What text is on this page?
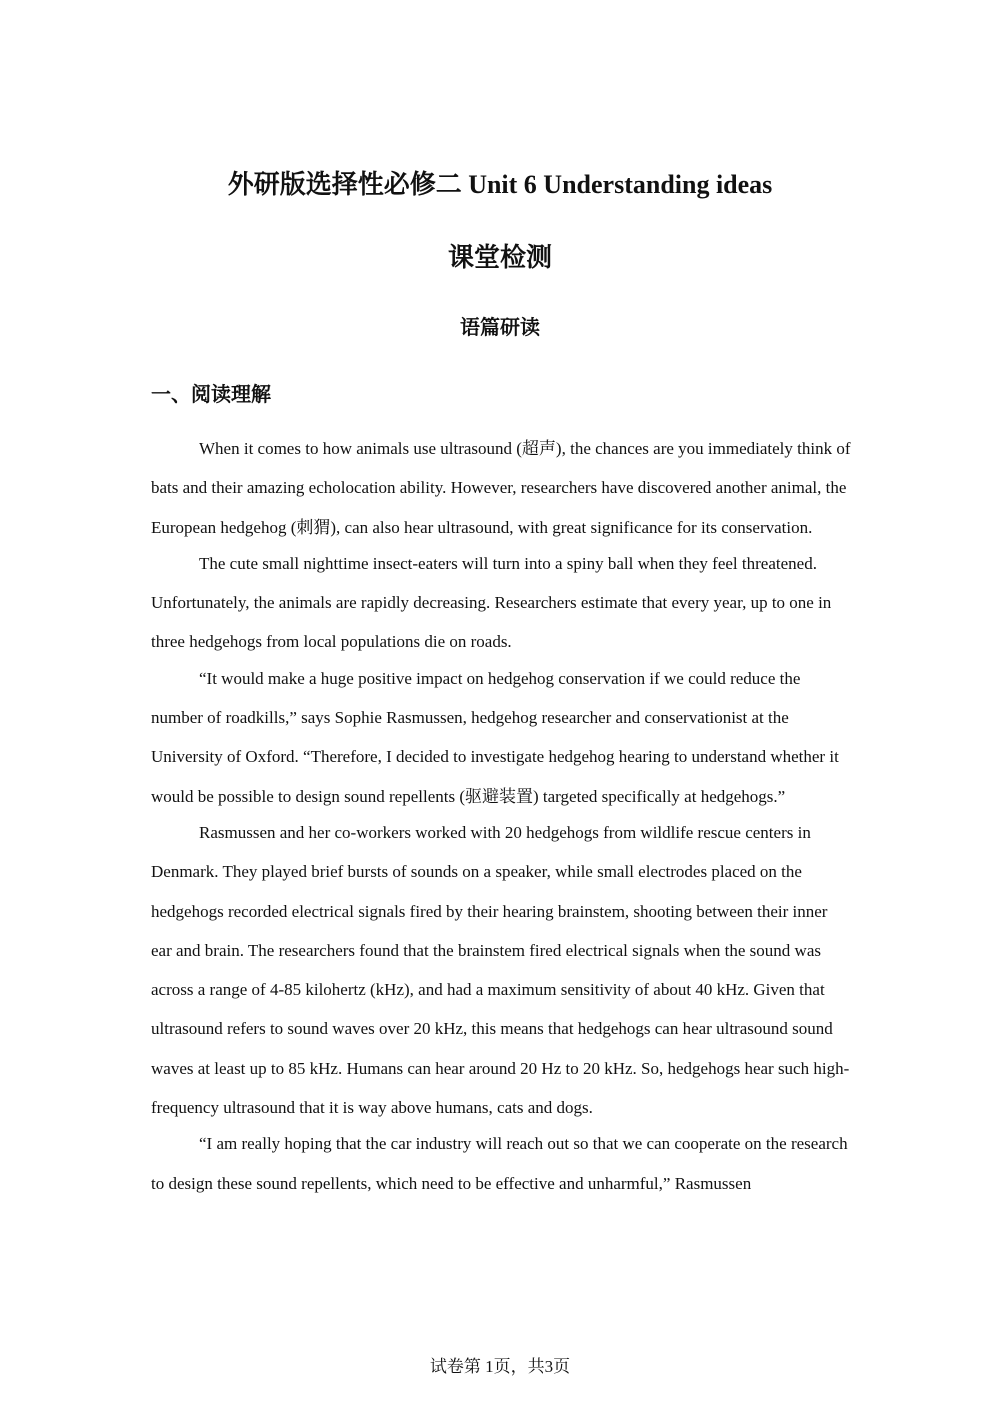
外研版选择性必修二 Unit 6 Understanding ideas
课堂检测
语篇研读
一、阅读理解

When it comes to how animals use ultrasound (超声), the chances are you immediately think of bats and their amazing echolocation ability. However, researchers have discovered another animal, the European hedgehog (刺猬), can also hear ultrasound, with great significance for its conservation.

The cute small nighttime insect-eaters will turn into a spiny ball when they feel threatened. Unfortunately, the animals are rapidly decreasing. Researchers estimate that every year, up to one in three hedgehogs from local populations die on roads.

“It would make a huge positive impact on hedgehog conservation if we could reduce the number of roadkills,” says Sophie Rasmussen, hedgehog researcher and conservationist at the University of Oxford. “Therefore, I decided to investigate hedgehog hearing to understand whether it would be possible to design sound repellents (驱避装置) targeted specifically at hedgehogs.”

Rasmussen and her co-workers worked with 20 hedgehogs from wildlife rescue centers in Denmark. They played brief bursts of sounds on a speaker, while small electrodes placed on the hedgehogs recorded electrical signals fired by their hearing brainstem, shooting between their inner ear and brain. The researchers found that the brainstem fired electrical signals when the sound was across a range of 4-85 kilohertz (kHz), and had a maximum sensitivity of about 40 kHz. Given that ultrasound refers to sound waves over 20 kHz, this means that hedgehogs can hear ultrasound sound waves at least up to 85 kHz. Humans can hear around 20 Hz to 20 kHz. So, hedgehogs hear such high-frequency ultrasound that it is way above humans, cats and dogs.

“I am really hoping that the car industry will reach out so that we can cooperate on the research to design these sound repellents, which need to be effective and unharmful,” Rasmussen

试卷第 1页，共3页
